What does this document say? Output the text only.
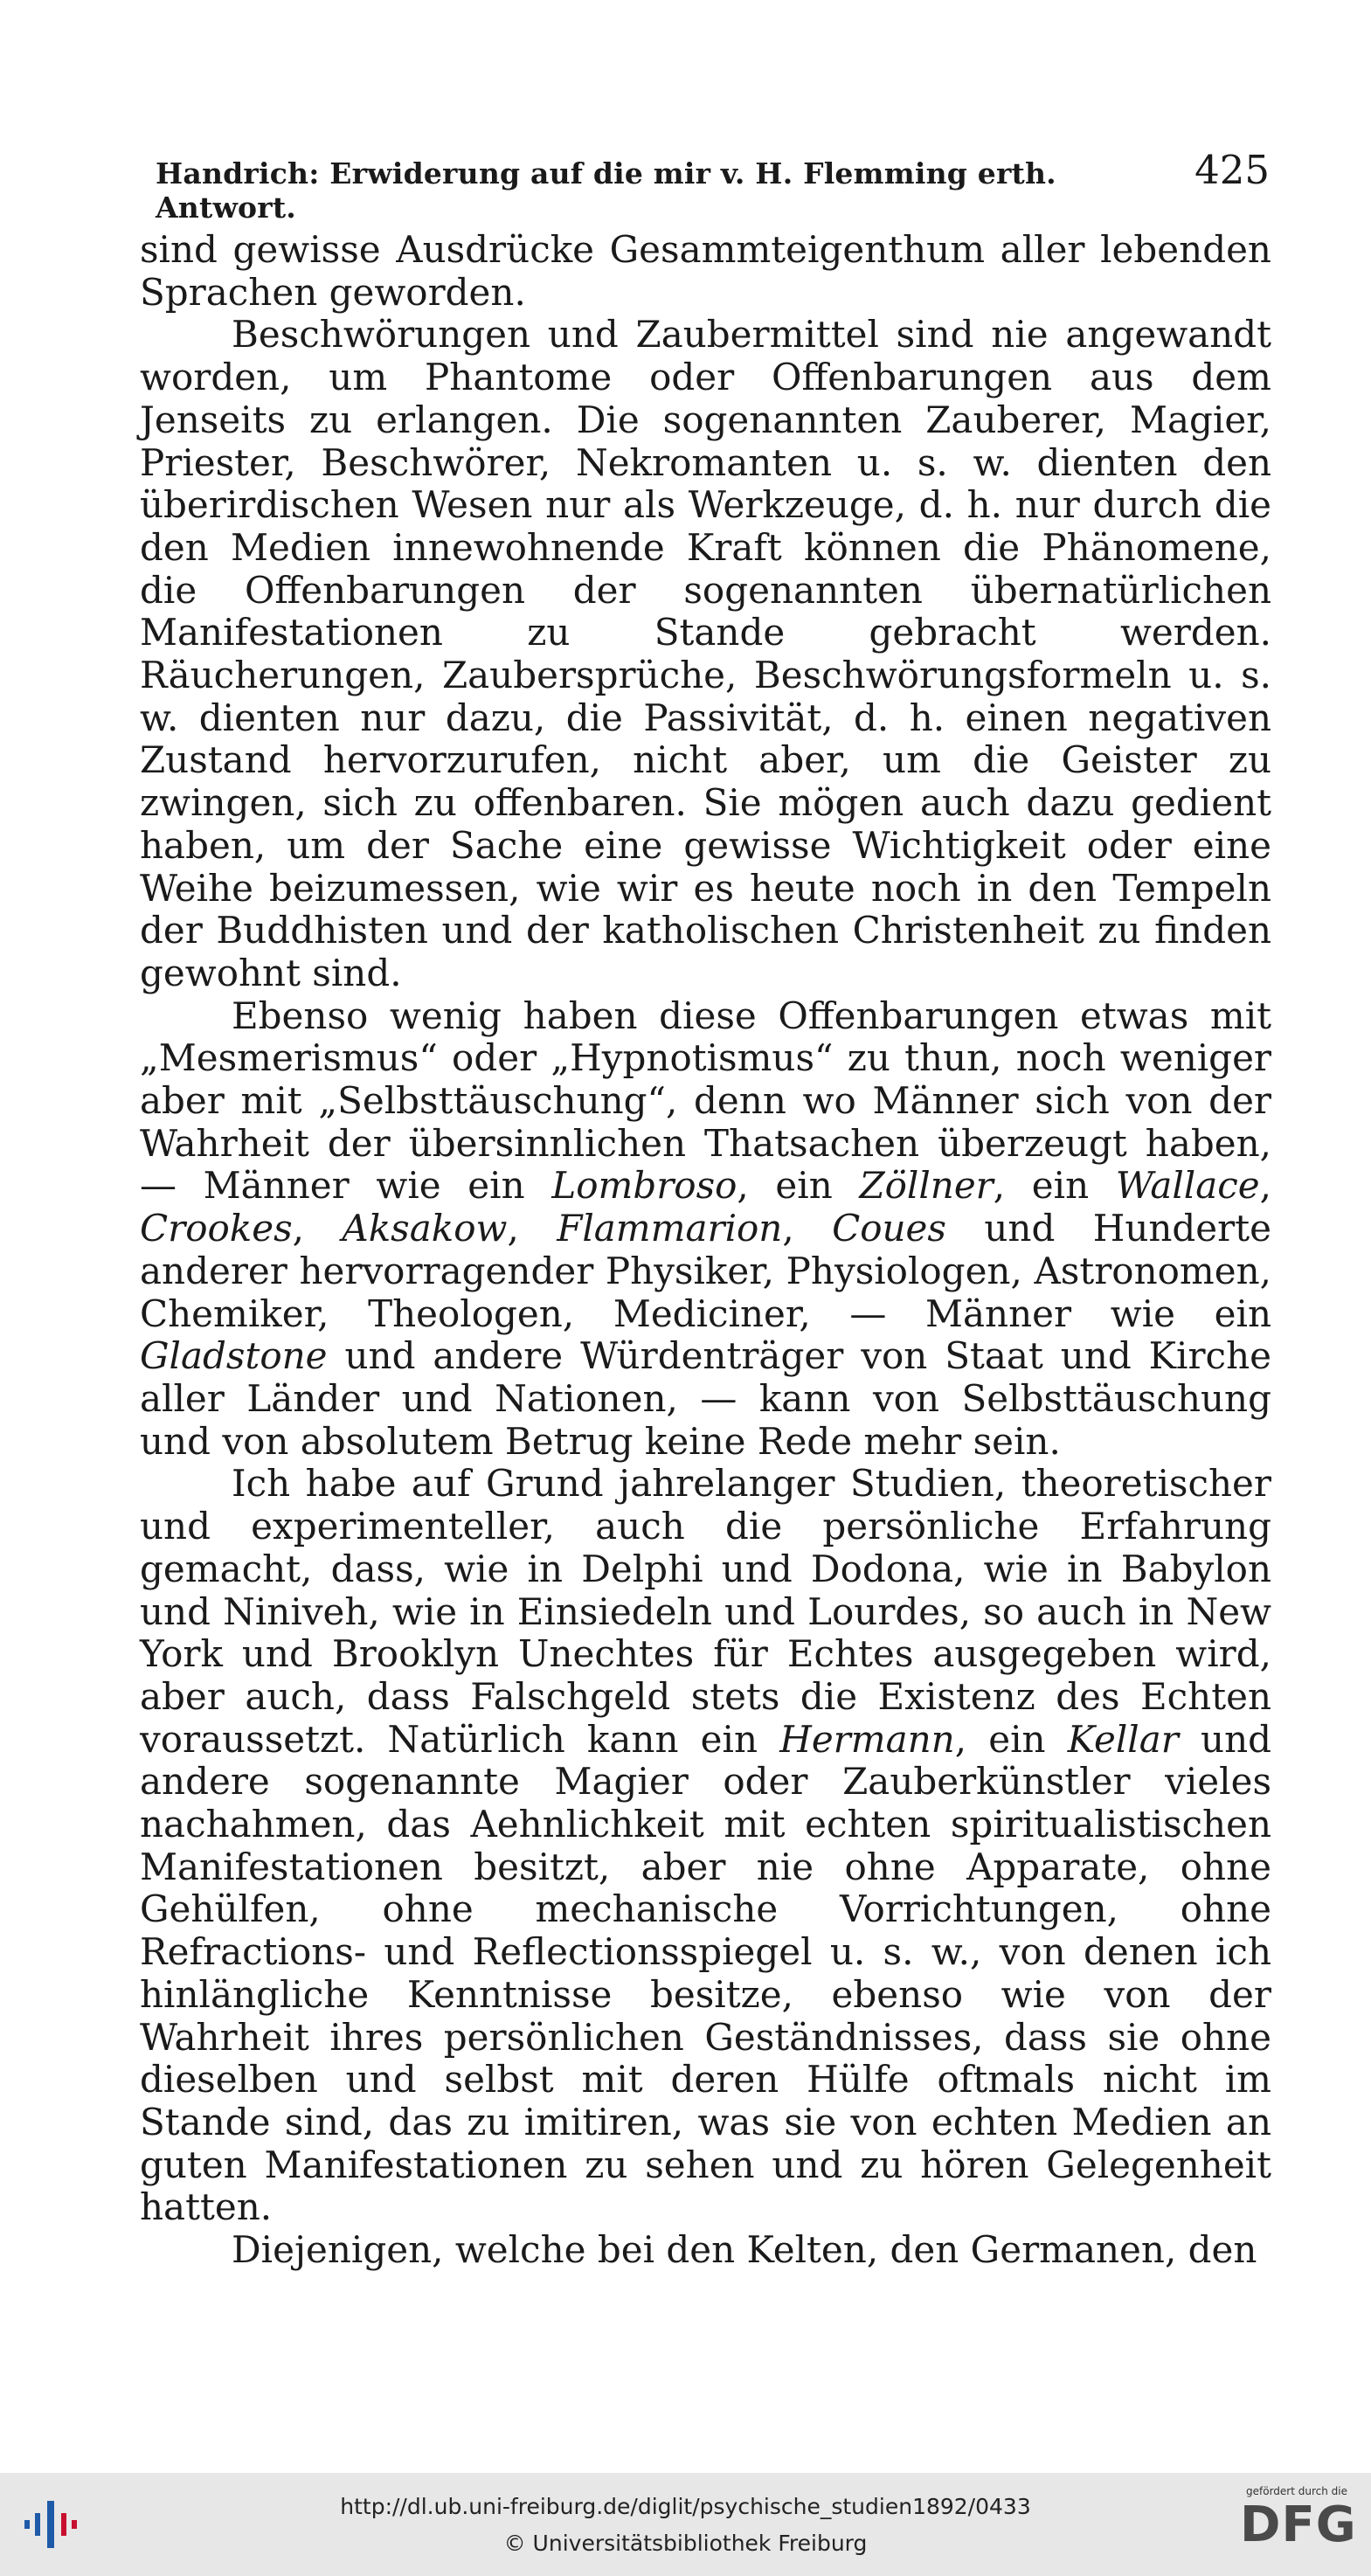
Handrich: Erwiderung auf die mir v. H. Flemming erth. Antwort.
425

sind gewisse Ausdrücke Gesammteigenthum aller lebenden Sprachen geworden.

Beschwörungen und Zaubermittel sind nie angewandt worden, um Phantome oder Offenbarungen aus dem Jenseits zu erlangen. Die sogenannten Zauberer, Magier, Priester, Beschwörer, Nekromanten u. s. w. dienten den überirdischen Wesen nur als Werkzeuge, d. h. nur durch die den Medien innewohnende Kraft können die Phänomene, die Offenbarungen der sogenannten übernatürlichen Manifestationen zu Stande gebracht werden. Räucherungen, Zaubersprüche, Beschwörungsformeln u. s. w. dienten nur dazu, die Passivität, d. h. einen negativen Zustand hervorzurufen, nicht aber, um die Geister zu zwingen, sich zu offenbaren. Sie mögen auch dazu gedient haben, um der Sache eine gewisse Wichtigkeit oder eine Weihe beizumessen, wie wir es heute noch in den Tempeln der Buddhisten und der katholischen Christenheit zu finden gewohnt sind.

Ebenso wenig haben diese Offenbarungen etwas mit „Mesmerismus“ oder „Hypnotismus“ zu thun, noch weniger aber mit „Selbsttäuschung“, denn wo Männer sich von der Wahrheit der übersinnlichen Thatsachen überzeugt haben, — Männer wie ein Lombroso, ein Zöllner, ein Wallace, Crookes, Aksakow, Flammarion, Coues und Hunderte anderer hervorragender Physiker, Physiologen, Astronomen, Chemiker, Theologen, Mediciner, — Männer wie ein Gladstone und andere Würdenträger von Staat und Kirche aller Länder und Nationen, — kann von Selbsttäuschung und von absolutem Betrug keine Rede mehr sein.

Ich habe auf Grund jahrelanger Studien, theoretischer und experimenteller, auch die persönliche Erfahrung gemacht, dass, wie in Delphi und Dodona, wie in Babylon und Niniveh, wie in Einsiedeln und Lourdes, so auch in New York und Brooklyn Unechtes für Echtes ausgegeben wird, aber auch, dass Falschgeld stets die Existenz des Echten voraussetzt. Natürlich kann ein Hermann, ein Kellar und andere sogenannte Magier oder Zauberkünstler vieles nachahmen, das Aehnlichkeit mit echten spiritualistischen Manifestationen besitzt, aber nie ohne Apparate, ohne Gehülfen, ohne mechanische Vorrichtungen, ohne Refractions- und Reflectionsspiegel u. s. w., von denen ich hinlängliche Kenntnisse besitze, ebenso wie von der Wahrheit ihres persönlichen Geständnisses, dass sie ohne dieselben und selbst mit deren Hülfe oftmals nicht im Stande sind, das zu imitiren, was sie von echten Medien an guten Manifestationen zu sehen und zu hören Gelegenheit hatten.

Diejenigen, welche bei den Kelten, den Germanen, den

http://dl.ub.uni-freiburg.de/diglit/psychische_studien1892/0433
© Universitätsbibliothek Freiburg
gefördert durch die
DFG
